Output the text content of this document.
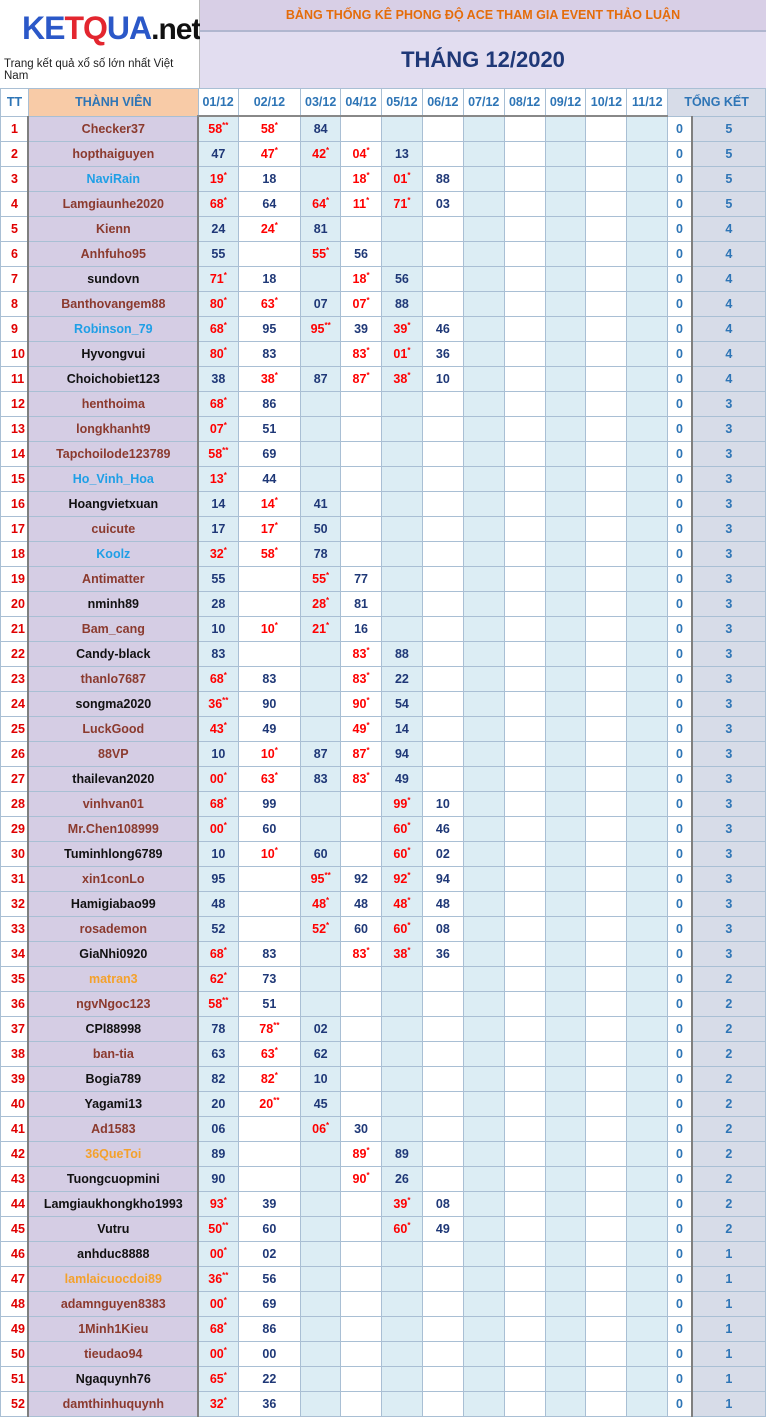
KETQUA.net
Trang kết quả xổ số lớn nhất Việt Nam
BẢNG THỐNG KÊ PHONG ĐỘ ACE THAM GIA EVENT THẢO LUẬN
THÁNG 12/2020
TT	THÀNH VIÊN	01/12	02/12	03/12	04/12	05/12	06/12	07/12	08/12	09/12	10/12	11/12	TỔNG KẾT	
1	Checker37	58**	58*	84									0	5
2	hopthaiguyen	47	47*	42*	04*	13							0	5
3	NaviRain	19*	18		18*	01*	88						0	5
4	Lamgiaunhe2020	68*	64	64*	11*	71*	03						0	5
5	Kienn	24	24*	81									0	4
6	Anhfuho95	55		55*	56								0	4
7	sundovn	71*	18		18*	56							0	4
8	Banthovangem88	80*	63*	07	07*	88							0	4
9	Robinson_79	68*	95	95**	39	39*	46						0	4
10	Hyvongvui	80*	83		83*	01*	36						0	4
11	Choichobiet123	38	38*	87	87*	38*	10						0	4
12	henthoima	68*	86										0	3
13	longkhanht9	07*	51										0	3
14	Tapchoilode123789	58**	69										0	3
15	Ho_Vinh_Hoa	13*	44										0	3
16	Hoangvietxuan	14	14*	41									0	3
17	cuicute	17	17*	50									0	3
18	Koolz	32*	58*	78									0	3
19	Antimatter	55		55*	77								0	3
20	nminh89	28		28*	81								0	3
21	Bam_cang	10	10*	21*	16								0	3
22	Candy-black	83			83*	88							0	3
23	thanlo7687	68*	83		83*	22							0	3
24	songma2020	36**	90		90*	54							0	3
25	LuckGood	43*	49		49*	14							0	3
26	88VP	10	10*	87	87*	94							0	3
27	thailevan2020	00*	63*	83	83*	49							0	3
28	vinhvan01	68*	99			99*	10						0	3
29	Mr.Chen108999	00*	60			60*	46						0	3
30	Tuminhlong6789	10	10*	60		60*	02						0	3
31	xin1conLo	95		95**	92	92*	94						0	3
32	Hamigiabao99	48		48*	48	48*	48						0	3
33	rosademon	52		52*	60	60*	08						0	3
34	GiaNhi0920	68*	83		83*	38*	36						0	3
35	matran3	62*	73										0	2
36	ngvNgoc123	58**	51										0	2
37	CPl88998	78	78**	02									0	2
38	ban-tia	63	63*	62									0	2
39	Bogia789	82	82*	10									0	2
40	Yagami13	20	20**	45									0	2
41	Ad1583	06		06*	30								0	2
42	36QueToi	89			89*	89							0	2
43	Tuongcuopmini	90			90*	26							0	2
44	Lamgiaukhongkho1993	93*	39			39*	08						0	2
45	Vutru	50**	60			60*	49						0	2
46	anhduc8888	00*	02										0	1
47	lamlaicuocdoi89	36**	56										0	1
48	adamnguyen8383	00*	69										0	1
49	1Minh1Kieu	68*	86										0	1
50	tieudao94	00*	00										0	1
51	Ngaquynh76	65*	22										0	1
52	damthinhuquynh	32*	36										0	1
